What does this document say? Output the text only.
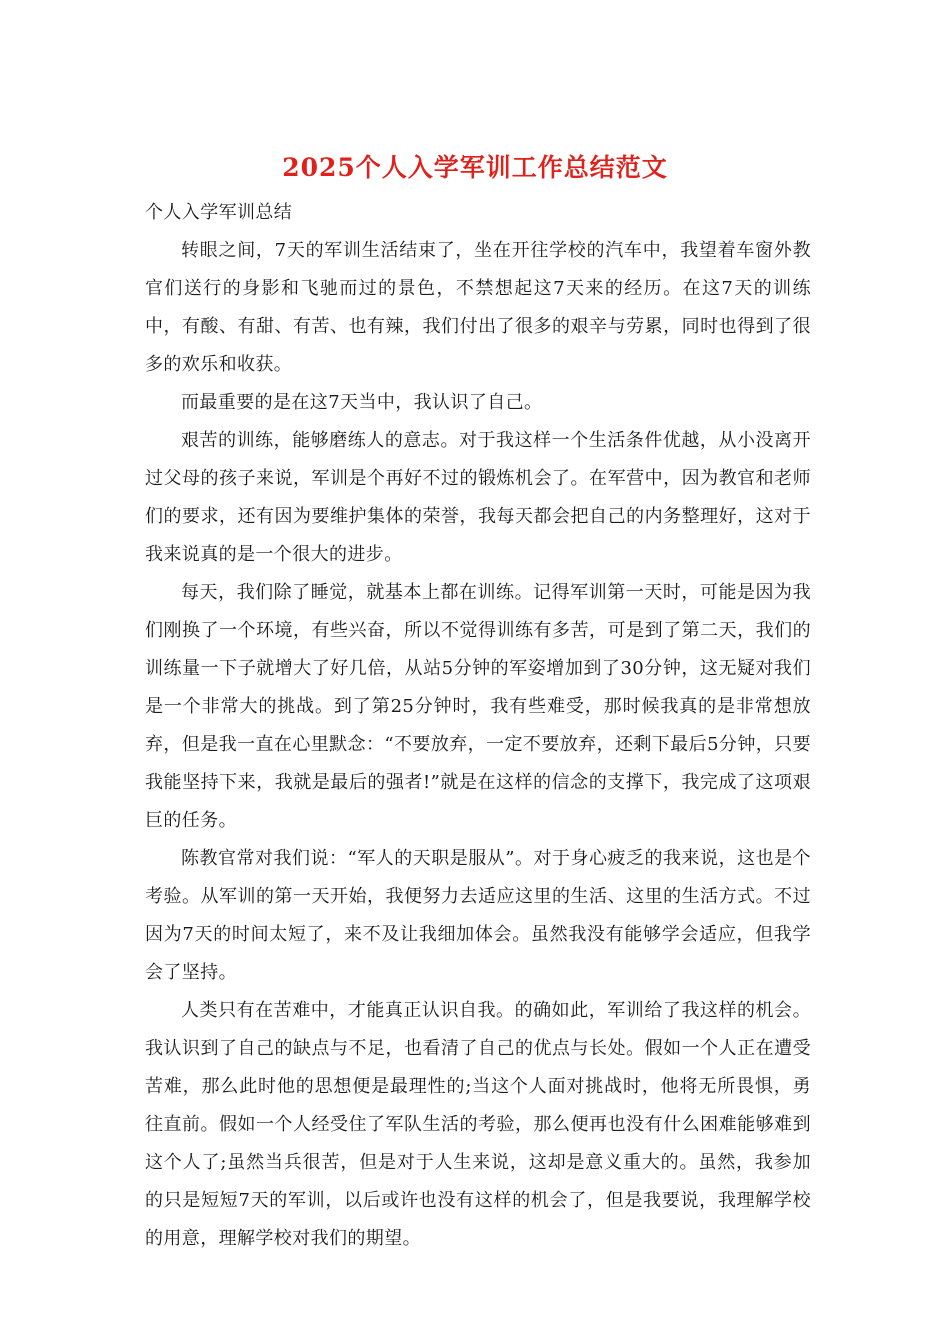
2025个人入学军训工作总结范文

个人入学军训总结

转眼之间，7天的军训生活结束了，坐在开往学校的汽车中，我望着车窗外教官们送行的身影和飞驰而过的景色，不禁想起这7天来的经历。在这7天的训练中，有酸、有甜、有苦、也有辣，我们付出了很多的艰辛与劳累，同时也得到了很多的欢乐和收获。

而最重要的是在这7天当中，我认识了自己。

艰苦的训练，能够磨练人的意志。对于我这样一个生活条件优越，从小没离开过父母的孩子来说，军训是个再好不过的锻炼机会了。在军营中，因为教官和老师们的要求，还有因为要维护集体的荣誉，我每天都会把自己的内务整理好，这对于我来说真的是一个很大的进步。

每天，我们除了睡觉，就基本上都在训练。记得军训第一天时，可能是因为我们刚换了一个环境，有些兴奋，所以不觉得训练有多苦，可是到了第二天，我们的训练量一下子就增大了好几倍，从站5分钟的军姿增加到了30分钟，这无疑对我们是一个非常大的挑战。到了第25分钟时，我有些难受，那时候我真的是非常想放弃，但是我一直在心里默念：“不要放弃，一定不要放弃，还剩下最后5分钟，只要我能坚持下来，我就是最后的强者!”就是在这样的信念的支撑下，我完成了这项艰巨的任务。

陈教官常对我们说：“军人的天职是服从”。对于身心疲乏的我来说，这也是个考验。从军训的第一天开始，我便努力去适应这里的生活、这里的生活方式。不过因为7天的时间太短了，来不及让我细加体会。虽然我没有能够学会适应，但我学会了坚持。

人类只有在苦难中，才能真正认识自我。的确如此，军训给了我这样的机会。我认识到了自己的缺点与不足，也看清了自己的优点与长处。假如一个人正在遭受苦难，那么此时他的思想便是最理性的;当这个人面对挑战时，他将无所畏惧，勇往直前。假如一个人经受住了军队生活的考验，那么便再也没有什么困难能够难到这个人了;虽然当兵很苦，但是对于人生来说，这却是意义重大的。虽然，我参加的只是短短7天的军训，以后或许也没有这样的机会了，但是我要说，我理解学校的用意，理解学校对我们的期望。
